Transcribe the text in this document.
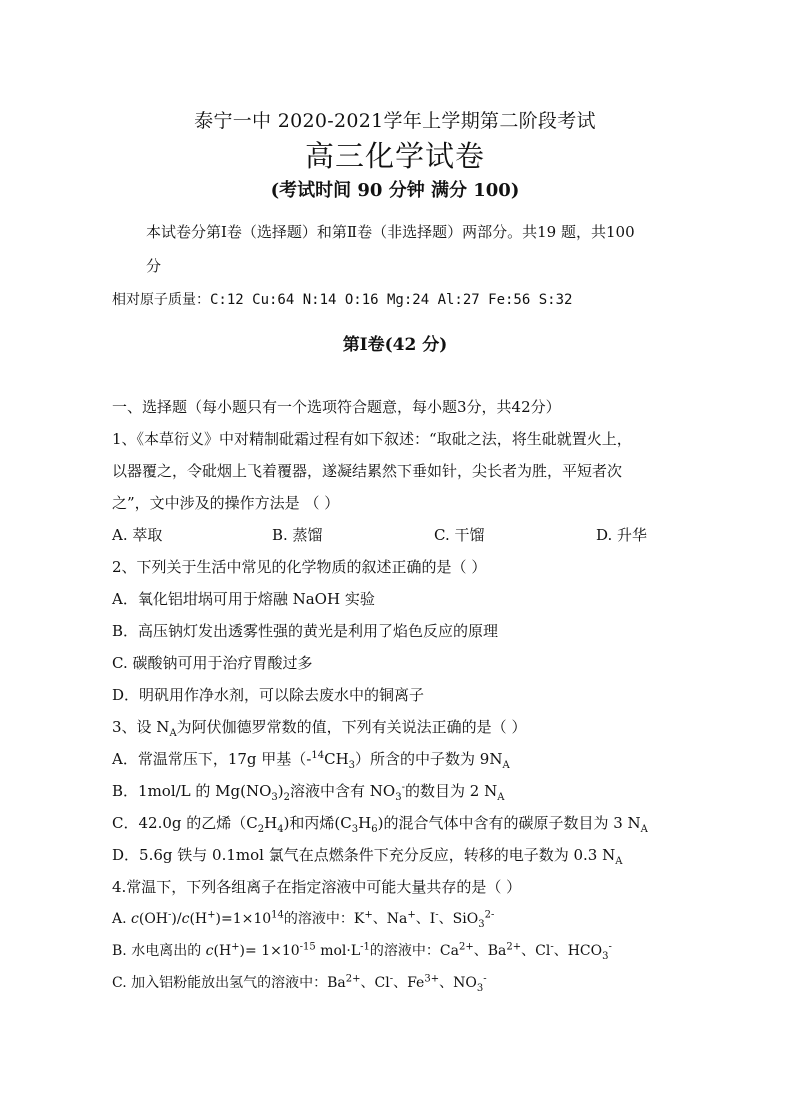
泰宁一中 2020-2021学年上学期第二阶段考试
高三化学试卷
(考试时间 90 分钟 满分 100)
本试卷分第Ⅰ卷（选择题）和第Ⅱ卷（非选择题）两部分。共19 题，共100
分
相对原子质量：C:12 Cu:64 N:14 O:16 Mg:24 Al:27 Fe:56 S:32
第Ⅰ卷(42 分)
一、选择题（每小题只有一个选项符合题意，每小题3分，共42分）
1、《本草衍义》中对精制砒霜过程有如下叙述：“取砒之法，将生砒就置火上，
以器覆之，令砒烟上飞着覆器，遂凝结累然下垂如针，尖长者为胜，平短者次
之”，文中涉及的操作方法是 （ ）
A. 萃取	B. 蒸馏	C. 干馏	D. 升华
2、下列关于生活中常见的化学物质的叙述正确的是（ ）
A．氧化铝坩埚可用于熔融 NaOH 实验
B．高压钠灯发出透雾性强的黄光是利用了焰色反应的原理
C. 碳酸钠可用于治疗胃酸过多
D．明矾用作净水剂，可以除去废水中的铜离子
3、设 $N_A$为阿伏伽德罗常数的值，下列有关说法正确的是（ ）
A．常温常压下，17g 甲基$(-^{14}CH_3)$所含的中子数为 $9N_A$
B．1mol/L 的 $Mg(NO_3)_2$溶液中含有 $NO_3^-$的数目为 2 $N_A$
C．42.0g 的乙烯$(C_2H_4)$和丙烯$(C_3H_6)$的混合气体中含有的碳原子数目为 3 $N_A$
D．5.6g 铁与 0.1mol 氯气在点燃条件下充分反应，转移的电子数为 0.3 $N_A$
4.常温下，下列各组离子在指定溶液中可能大量共存的是（ ）
A. $c(OH^-)/c(H^+)=1\times 10^{14}$的溶液中：K+、Na+、I-、SiO$_3^{2-}$
B. 水电离出的 $c(H^+)= 1\times 10^{-15}$ $mol\cdot L^{-1}$的溶液中：$Ca^{2+}$、$Ba^{2+}$、Cl-、$HCO_3^-$
C. 加入铝粉能放出氢气的溶液中：$Ba^{2+}$、Cl-、$Fe^{3+}$、$NO_3^-$
